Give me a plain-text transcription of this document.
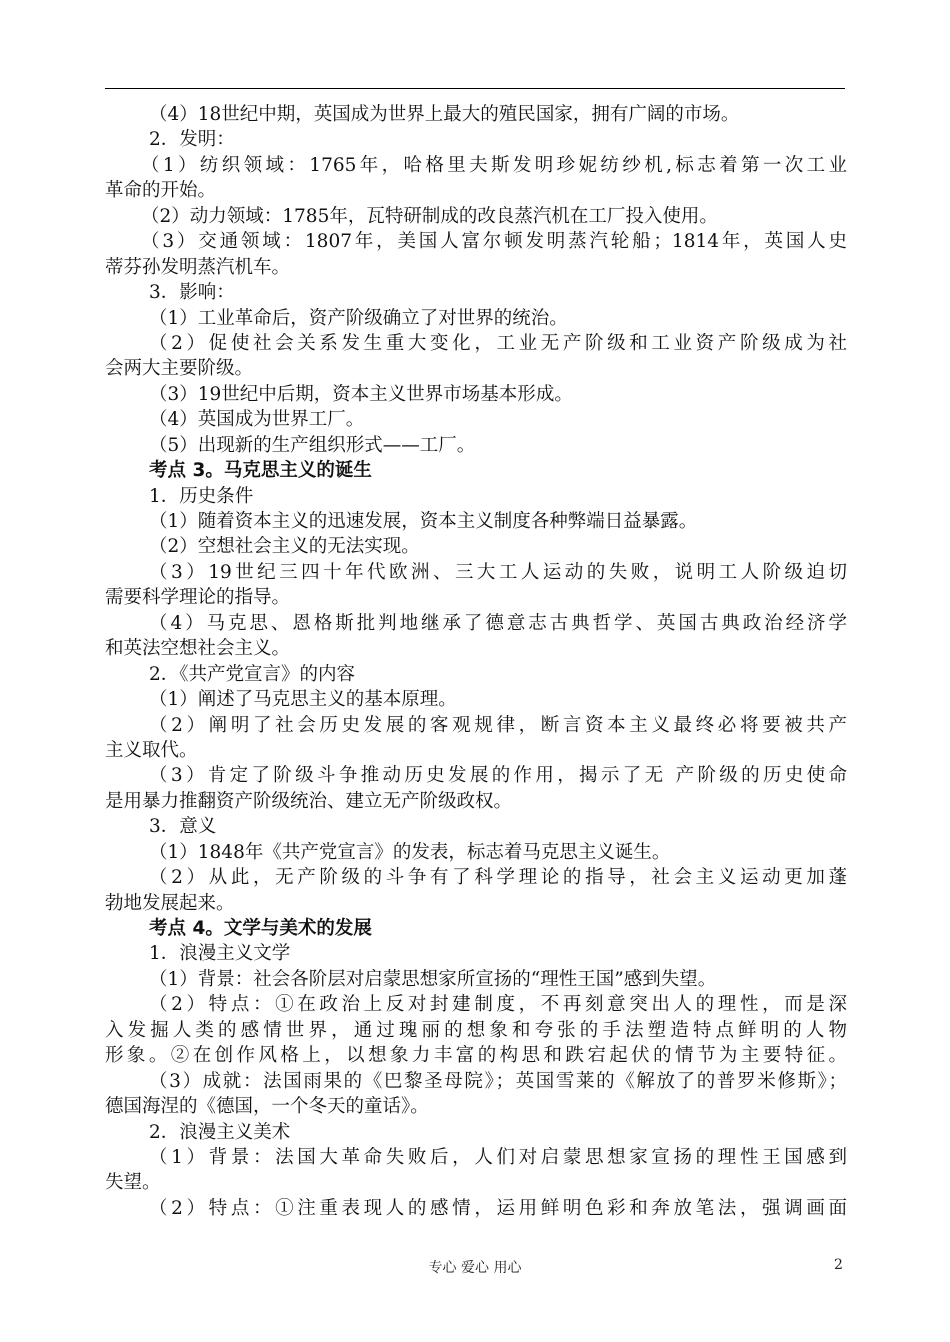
（4）18世纪中期，英国成为世界上最大的殖民国家，拥有广阔的市场。
2．发明：
（1）纺织领域：1765年，哈格里夫斯发明珍妮纺纱机,标志着第一次工业
革命的开始。
（2）动力领域：1785年，瓦特研制成的改良蒸汽机在工厂投入使用。
（3）交通领域：1807年，美国人富尔顿发明蒸汽轮船；1814年，英国人史
蒂芬孙发明蒸汽机车。
3．影响：
（1）工业革命后，资产阶级确立了对世界的统治。
（2）促使社会关系发生重大变化，工业无产阶级和工业资产阶级成为社
会两大主要阶级。
（3）19世纪中后期，资本主义世界市场基本形成。
（4）英国成为世界工厂。
（5）出现新的生产组织形式——工厂。
考点 3。马克思主义的诞生
1．历史条件
（1）随着资本主义的迅速发展，资本主义制度各种弊端日益暴露。
（2）空想社会主义的无法实现。
（3）19世纪三四十年代欧洲、三大工人运动的失败，说明工人阶级迫切
需要科学理论的指导。
（4）马克思、恩格斯批判地继承了德意志古典哲学、英国古典政治经济学
和英法空想社会主义。
2．《共产党宣言》的内容
（1）阐述了马克思主义的基本原理。
（2）阐明了社会历史发展的客观规律，断言资本主义最终必将要被共产
主义取代。
（3）肯定了阶级斗争推动历史发展的作用，揭示了无 产阶级的历史使命
是用暴力推翻资产阶级统治、建立无产阶级政权。
3．意义
（1）1848年《共产党宣言》的发表，标志着马克思主义诞生。
（2）从此，无产阶级的斗争有了科学理论的指导，社会主义运动更加蓬
勃地发展起来。
考点 4。文学与美术的发展
1．浪漫主义文学
（1）背景：社会各阶层对启蒙思想家所宣扬的“理性王国”感到失望。
（2）特点：①在政治上反对封建制度，不再刻意突出人的理性，而是深
入发掘人类的感情世界，通过瑰丽的想象和夸张的手法塑造特点鲜明的人物
形象。②在创作风格上，以想象力丰富的构思和跌宕起伏的情节为主要特征。
（3）成就：法国雨果的《巴黎圣母院》；英国雪莱的《解放了的普罗米修斯》；
德国海涅的《德国，一个冬天的童话》。
2．浪漫主义美术
（1）背景：法国大革命失败后，人们对启蒙思想家宣扬的理性王国感到
失望。
（2）特点：①注重表现人的感情，运用鲜明色彩和奔放笔法，强调画面
专心 爱心 用心	2
